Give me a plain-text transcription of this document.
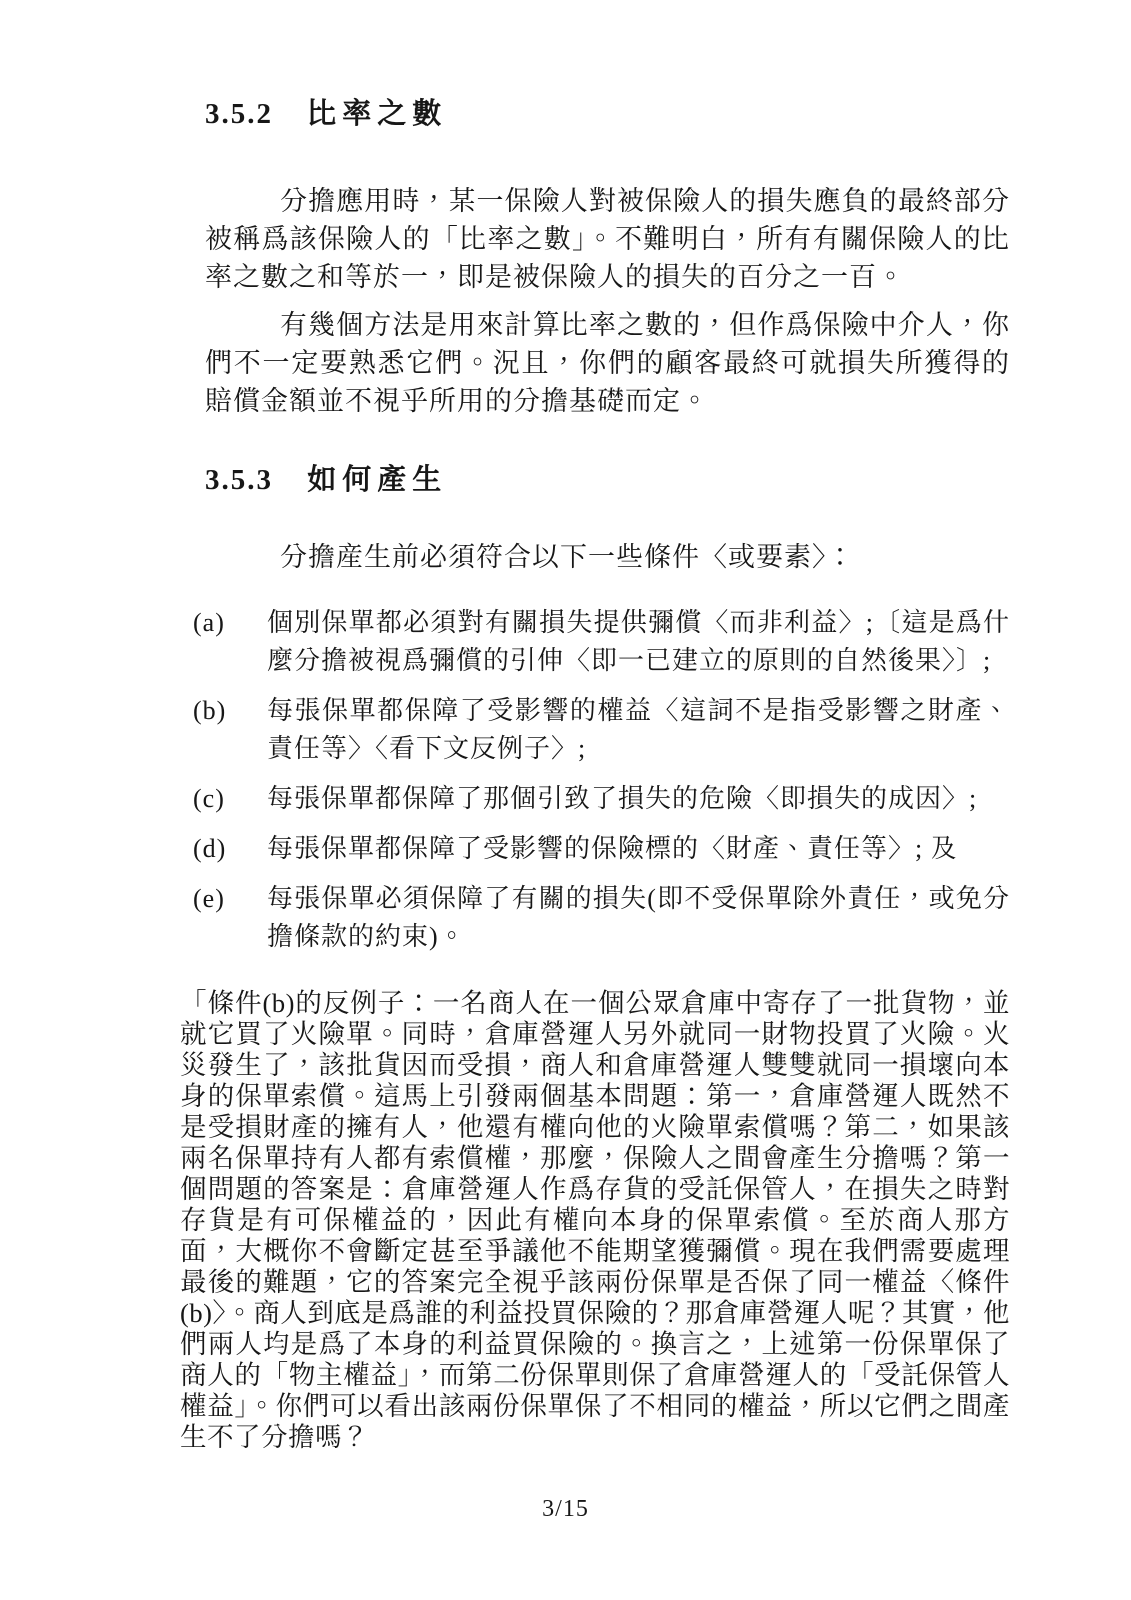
3.5.2 比率之數

分擔應用時，某一保險人對被保險人的損失應負的最終部分被稱爲該保險人的「比率之數」。不難明白，所有有關保險人的比率之數之和等於一，即是被保險人的損失的百分之一百。

有幾個方法是用來計算比率之數的，但作爲保險中介人，你們不一定要熟悉它們。況且，你們的顧客最終可就損失所獲得的賠償金額並不視乎所用的分擔基礎而定。

3.5.3 如何產生

分擔産生前必須符合以下一些條件〈或要素〉：

(a)	個別保單都必須對有關損失提供彌償〈而非利益〉;〔這是爲什麼分擔被視爲彌償的引伸〈即一已建立的原則的自然後果〉〕;
(b)	每張保單都保障了受影響的權益〈這詞不是指受影響之財產、責任等〉〈看下文反例子〉;
(c)	每張保單都保障了那個引致了損失的危險〈即損失的成因〉;
(d)	每張保單都保障了受影響的保險標的〈財產、責任等〉; 及
(e)	每張保單必須保障了有關的損失(即不受保單除外責任，或免分擔條款的約束)。

「條件(b)的反例子：一名商人在一個公眾倉庫中寄存了一批貨物，並就它買了火險單。同時，倉庫營運人另外就同一財物投買了火險。火災發生了，該批貨因而受損，商人和倉庫營運人雙雙就同一損壞向本身的保單索償。這馬上引發兩個基本問題：第一，倉庫營運人既然不是受損財產的擁有人，他還有權向他的火險單索償嗎？第二，如果該兩名保單持有人都有索償權，那麼，保險人之間會產生分擔嗎？第一個問題的答案是：倉庫營運人作爲存貨的受託保管人，在損失之時對存貨是有可保權益的，因此有權向本身的保單索償。至於商人那方面，大概你不會斷定甚至爭議他不能期望獲彌償。現在我們需要處理最後的難題，它的答案完全視乎該兩份保單是否保了同一權益〈條件(b)〉。商人到底是爲誰的利益投買保險的？那倉庫營運人呢？其實，他們兩人均是爲了本身的利益買保險的。換言之，上述第一份保單保了商人的「物主權益」，而第二份保單則保了倉庫營運人的「受託保管人權益」。你們可以看出該兩份保單保了不相同的權益，所以它們之間產生不了分擔嗎？

3/15
